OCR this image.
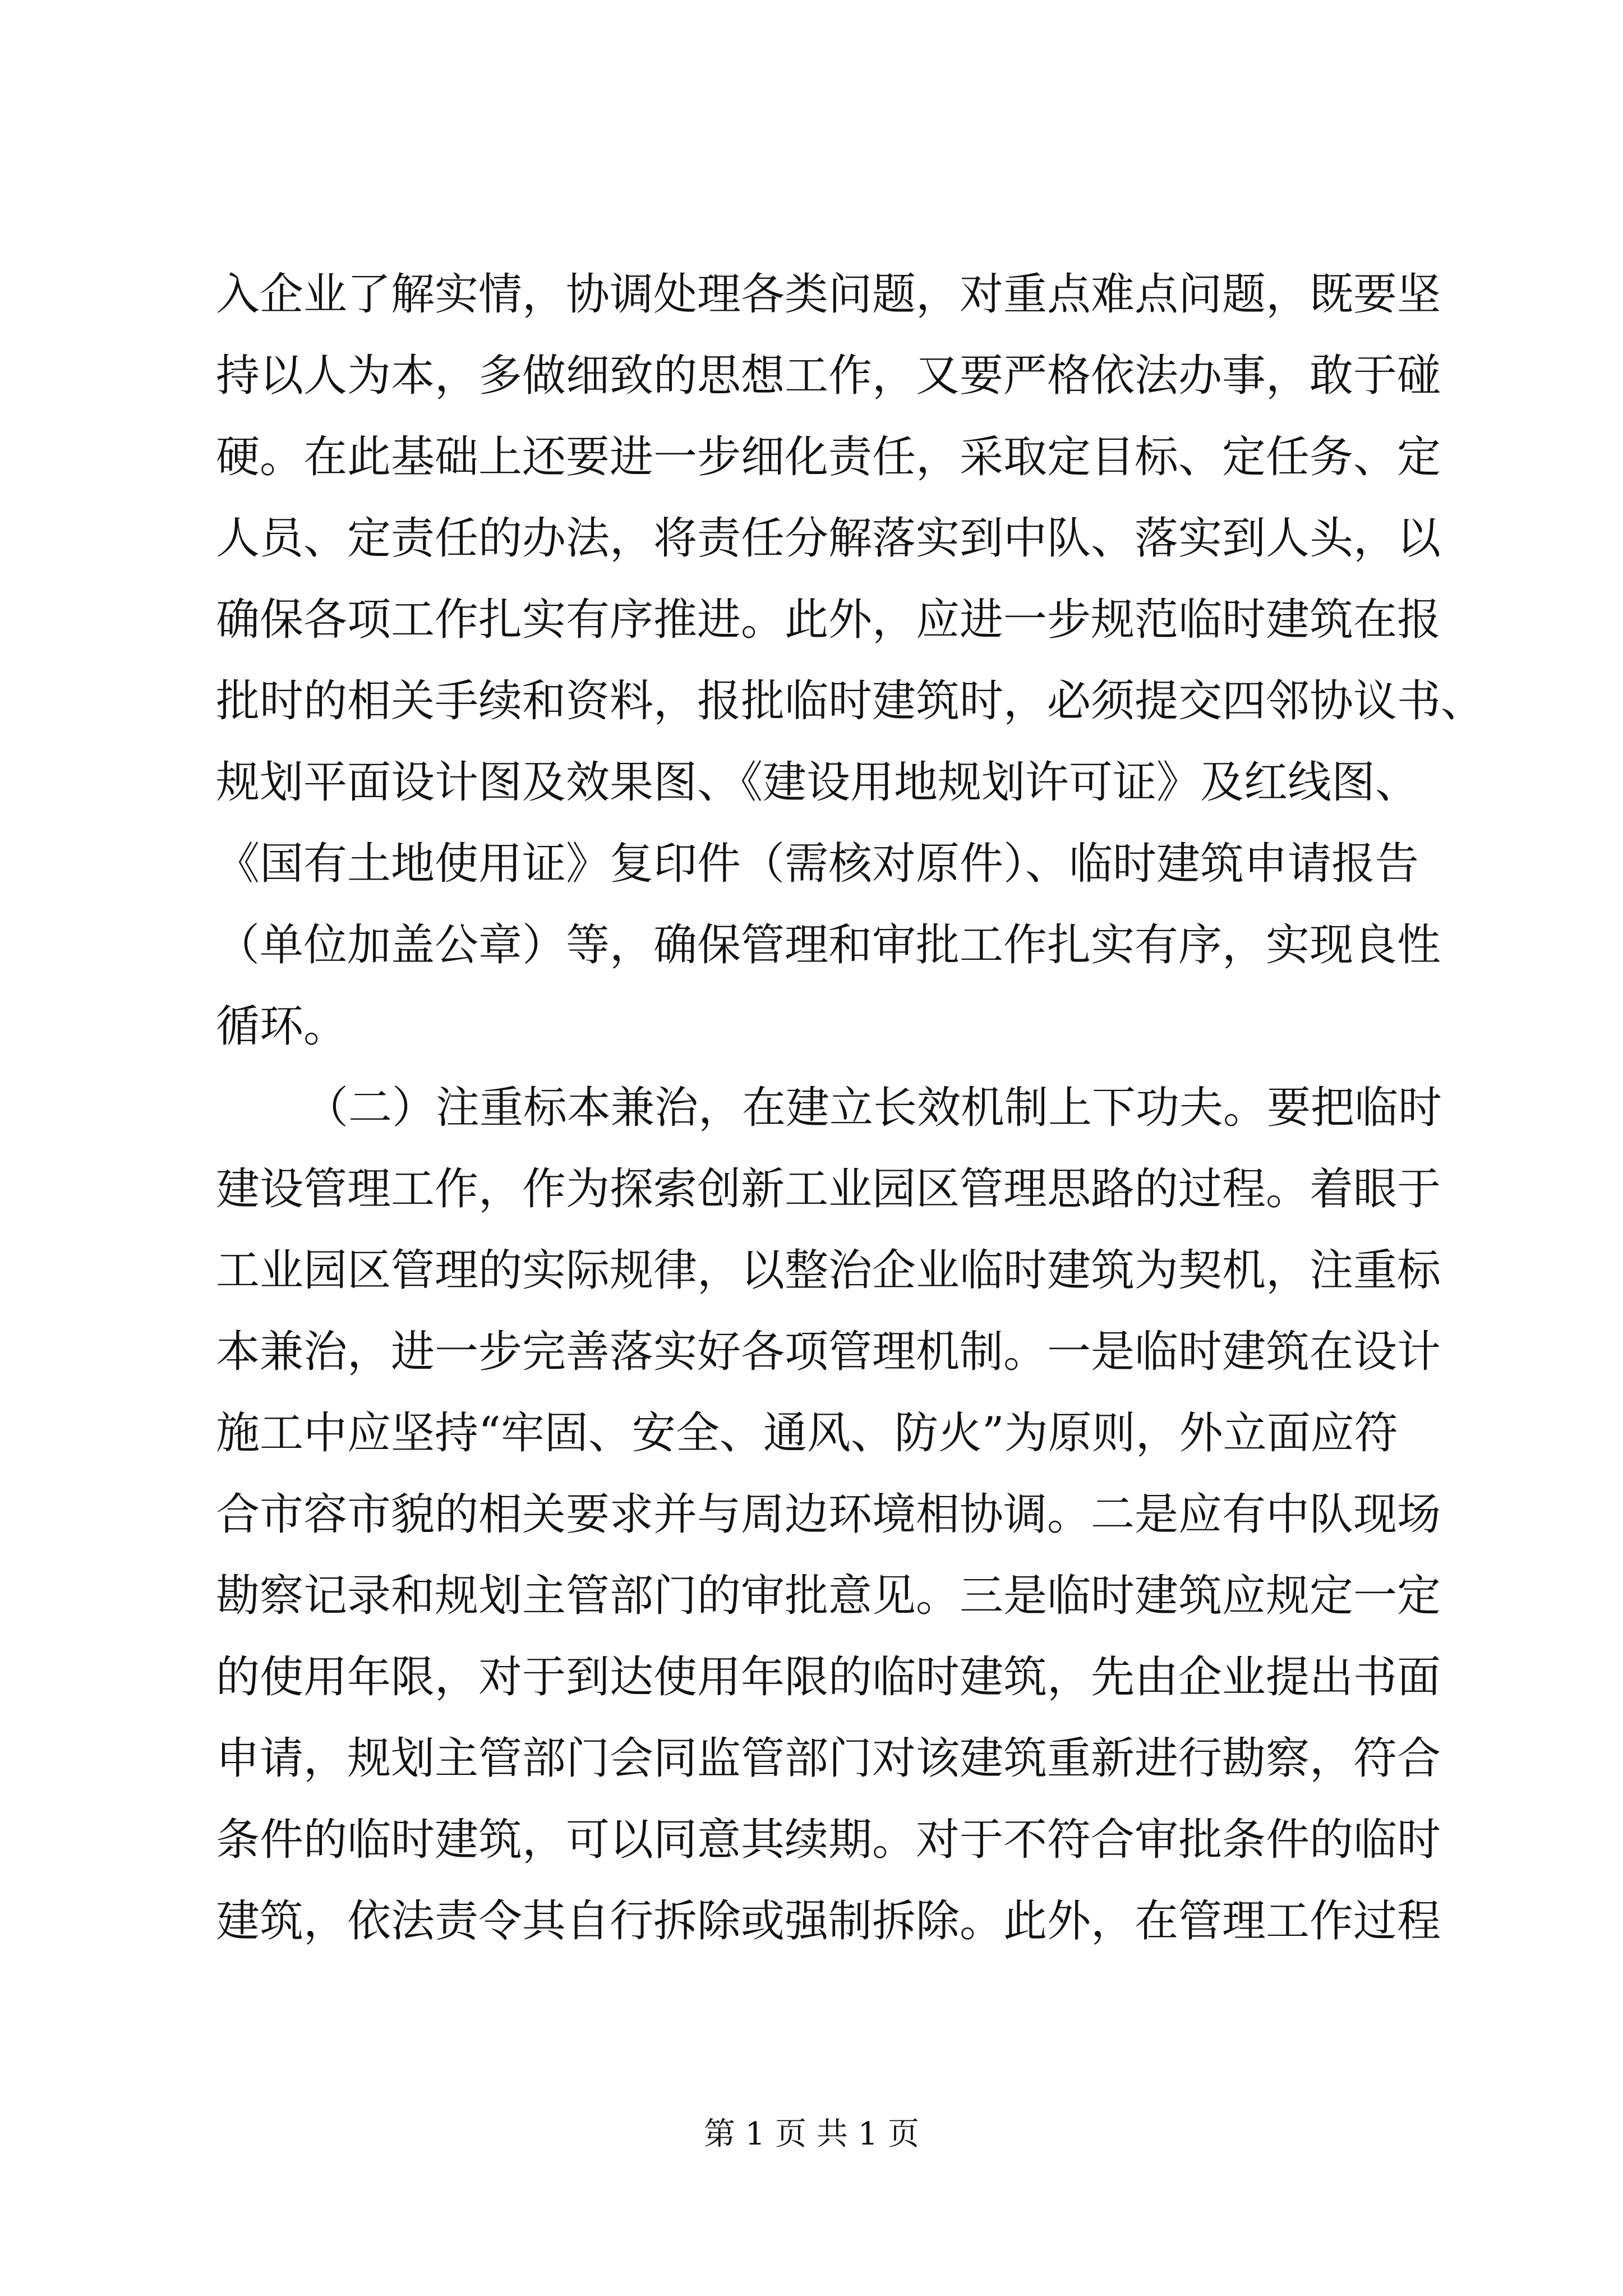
入企业了解实情，协调处理各类问题，对重点难点问题，既要坚
持以人为本，多做细致的思想工作，又要严格依法办事，敢于碰
硬。在此基础上还要进一步细化责任，采取定目标、定任务、定
人员、定责任的办法，将责任分解落实到中队、落实到人头，以
确保各项工作扎实有序推进。此外，应进一步规范临时建筑在报
批时的相关手续和资料，报批临时建筑时，必须提交四邻协议书、
规划平面设计图及效果图、《建设用地规划许可证》及红线图、
《国有土地使用证》复印件（需核对原件）、临时建筑申请报告
（单位加盖公章）等，确保管理和审批工作扎实有序，实现良性
循环。
（二）注重标本兼治，在建立长效机制上下功夫。要把临时
建设管理工作，作为探索创新工业园区管理思路的过程。着眼于
工业园区管理的实际规律，以整治企业临时建筑为契机，注重标
本兼治，进一步完善落实好各项管理机制。一是临时建筑在设计
施工中应坚持“牢固、安全、通风、防火”为原则，外立面应符
合市容市貌的相关要求并与周边环境相协调。二是应有中队现场
勘察记录和规划主管部门的审批意见。三是临时建筑应规定一定
的使用年限，对于到达使用年限的临时建筑，先由企业提出书面
申请，规划主管部门会同监管部门对该建筑重新进行勘察，符合
条件的临时建筑，可以同意其续期。对于不符合审批条件的临时
建筑，依法责令其自行拆除或强制拆除。此外，在管理工作过程
第 1 页 共 1 页
